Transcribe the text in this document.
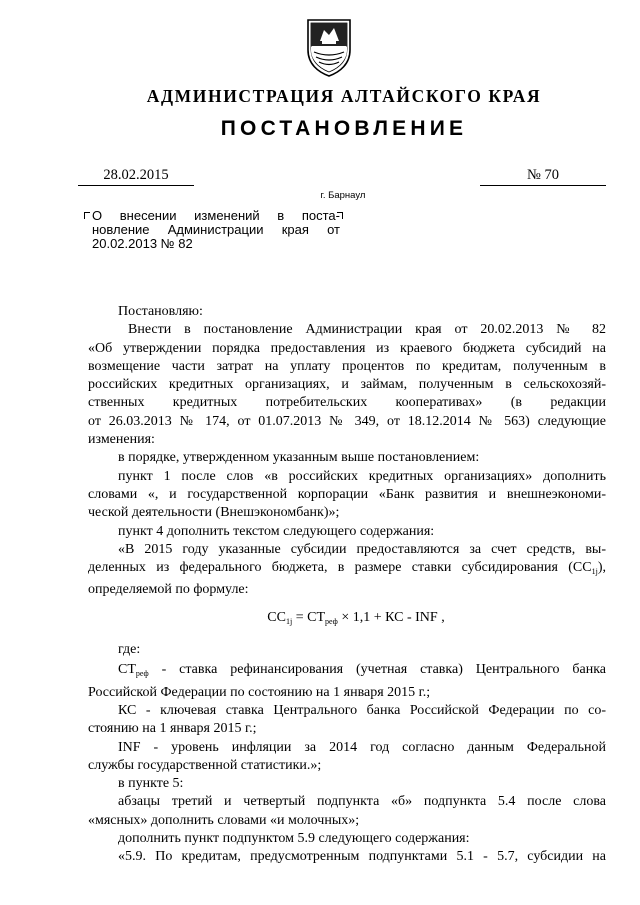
АДМИНИСТРАЦИЯ АЛТАЙСКОГО КРАЯ
ПОСТАНОВЛЕНИЕ
28.02.2015	№ 70
г. Барнаул
О внесении изменений в поста-
новление Администрации края от
20.02.2013 № 82

Постановляю:

Внести в постановление Администрации края от 20.02.2013 № 82

«Об утверждении порядка предоставления из краевого бюджета субсидий на

возмещение части затрат на уплату процентов по кредитам, полученным в

российских кредитных организациях, и займам, полученным в сельскохозяй-

ственных кредитных потребительских кооперативах» (в редакции

от 26.03.2013 № 174, от 01.07.2013 № 349, от 18.12.2014 № 563) следующие

изменения:

в порядке, утвержденном указанным выше постановлением:

пункт 1 после слов «в российских кредитных организациях» дополнить

словами «, и государственной корпорации «Банк развития и внешнеэкономи-

ческой деятельности (Внешэкономбанк)»;

пункт 4 дополнить текстом следующего содержания:

«В 2015 году указанные субсидии предоставляются за счет средств, вы-

деленных из федерального бюджета, в размере ставки субсидирования $(СС_{1j})$,

определяемой по формуле:

$СС_{1j} = СТ_{реф} \times 1,1$ + КС - INF ,

где:

$СТ_{реф}$ - ставка рефинансирования (учетная ставка) Центрального банка

Российской Федерации по состоянию на 1 января 2015 г.;

КС - ключевая ставка Центрального банка Российской Федерации по со-

стоянию на 1 января 2015 г.;

INF - уровень инфляции за 2014 год согласно данным Федеральной

службы государственной статистики.»;

в пункте 5:

абзацы третий и четвертый подпункта «б» подпункта 5.4 после слова

«мясных» дополнить словами «и молочных»;

дополнить пункт подпунктом 5.9 следующего содержания:

«5.9. По кредитам, предусмотренным подпунктами 5.1 - 5.7, субсидии на
